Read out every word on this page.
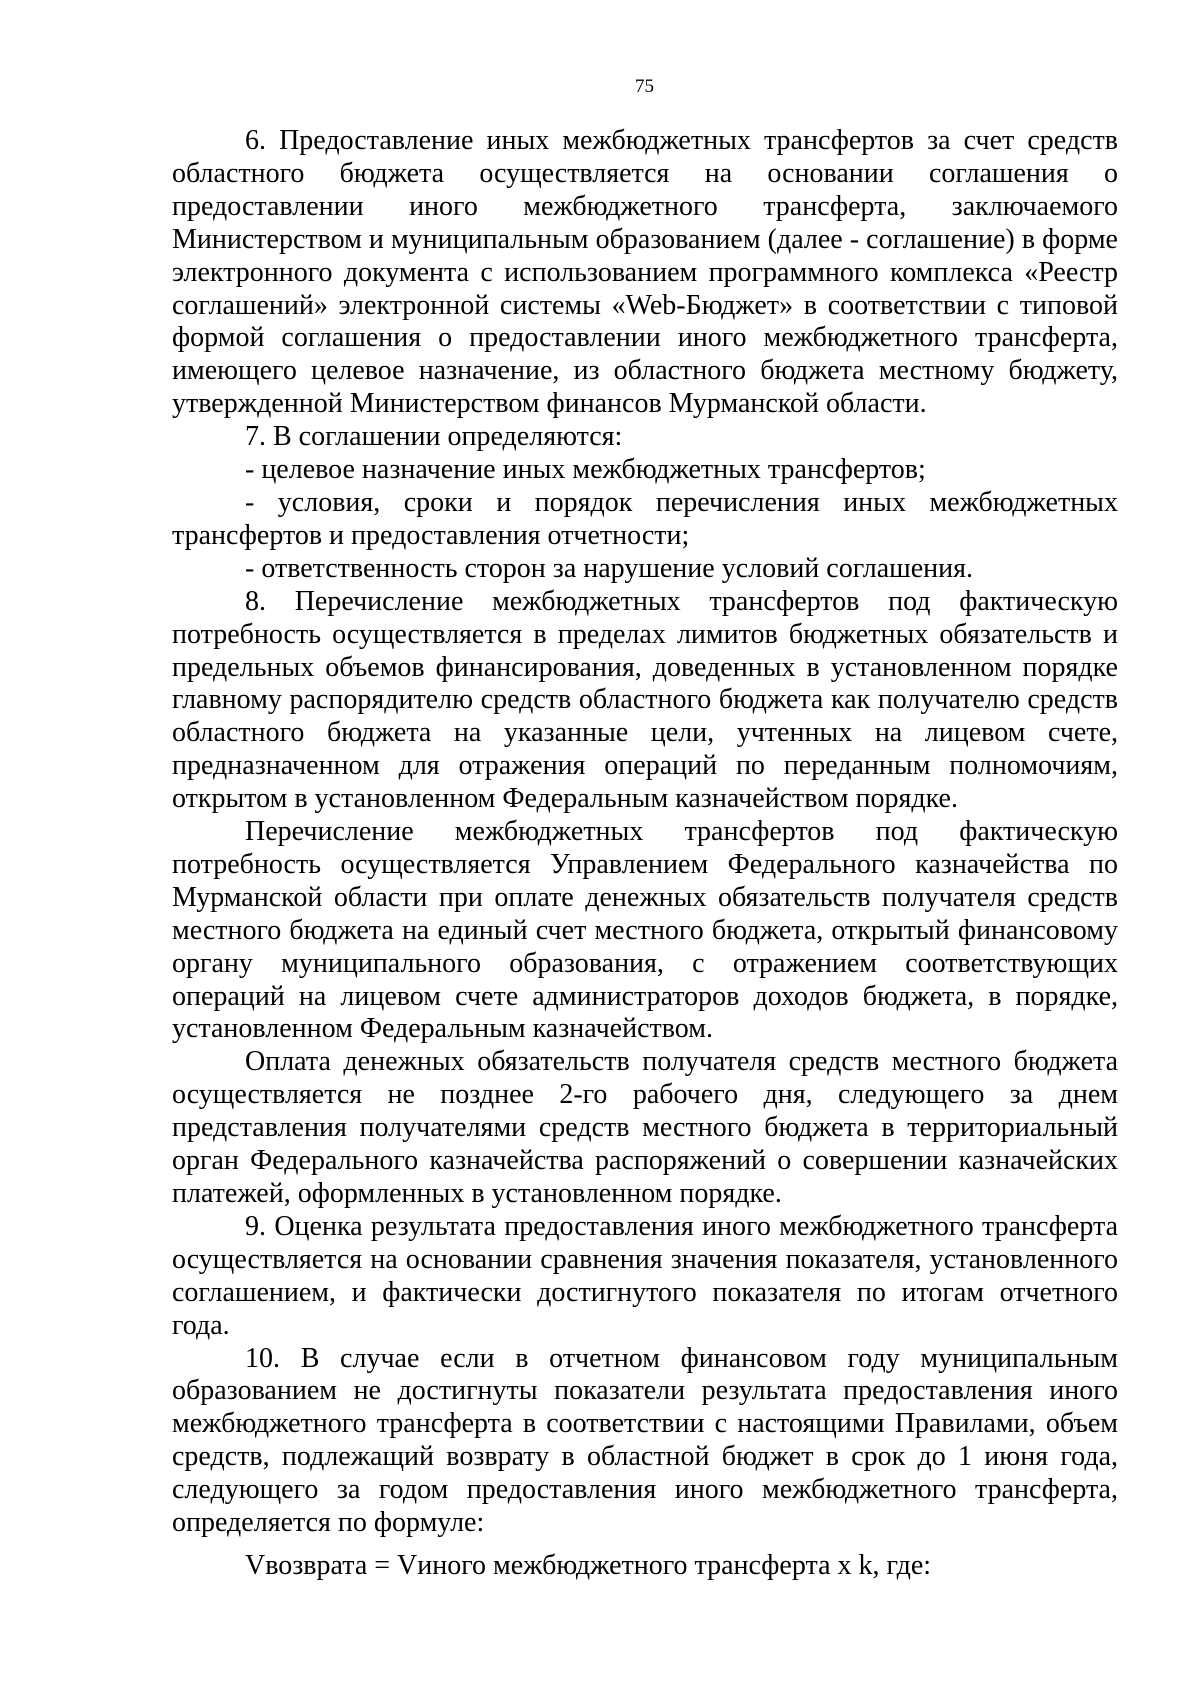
75

6. Предоставление иных межбюджетных трансфертов за счет средств областного бюджета осуществляется на основании соглашения о предоставлении иного межбюджетного трансферта, заключаемого Министерством и муниципальным образованием (далее - соглашение) в форме электронного документа с использованием программного комплекса «Реестр соглашений» электронной системы «Web-Бюджет» в соответствии с типовой формой соглашения о предоставлении иного межбюджетного трансферта, имеющего целевое назначение, из областного бюджета местному бюджету, утвержденной Министерством финансов Мурманской области.

7. В соглашении определяются:

- целевое назначение иных межбюджетных трансфертов;

- условия, сроки и порядок перечисления иных межбюджетных трансфертов и предоставления отчетности;

- ответственность сторон за нарушение условий соглашения.

8. Перечисление межбюджетных трансфертов под фактическую потребность осуществляется в пределах лимитов бюджетных обязательств и предельных объемов финансирования, доведенных в установленном порядке главному распорядителю средств областного бюджета как получателю средств областного бюджета на указанные цели, учтенных на лицевом счете, предназначенном для отражения операций по переданным полномочиям, открытом в установленном Федеральным казначейством порядке.

Перечисление межбюджетных трансфертов под фактическую потребность осуществляется Управлением Федерального казначейства по Мурманской области при оплате денежных обязательств получателя средств местного бюджета на единый счет местного бюджета, открытый финансовому органу муниципального образования, с отражением соответствующих операций на лицевом счете администраторов доходов бюджета, в порядке, установленном Федеральным казначейством.

Оплата денежных обязательств получателя средств местного бюджета осуществляется не позднее 2-го рабочего дня, следующего за днем представления получателями средств местного бюджета в территориальный орган Федерального казначейства распоряжений о совершении казначейских платежей, оформленных в установленном порядке.

9. Оценка результата предоставления иного межбюджетного трансферта осуществляется на основании сравнения значения показателя, установленного соглашением, и фактически достигнутого показателя по итогам отчетного года.

10. В случае если в отчетном финансовом году муниципальным образованием не достигнуты показатели результата предоставления иного межбюджетного трансферта в соответствии с настоящими Правилами, объем средств, подлежащий возврату в областной бюджет в срок до 1 июня года, следующего за годом предоставления иного межбюджетного трансферта, определяется по формуле:

Vвозврата = Vиного межбюджетного трансферта x k, где:
